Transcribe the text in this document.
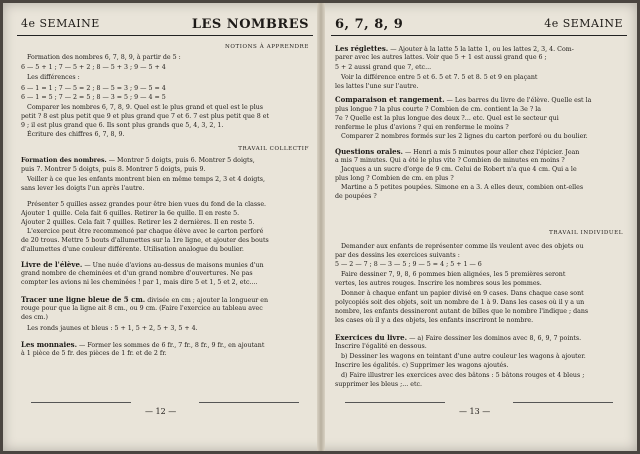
4e SEMAINE	LES NOMBRES
NOTIONS À APPRENDRE
Formation des nombres 6, 7, 8, 9, à partir de 5 :
6 — 5 + 1 ; 7 — 5 + 2 ; 8 — 5 + 3 ; 9 — 5 + 4
Les différences :
6 — 1 = 1 ; 7 — 5 = 2 ; 8 — 5 = 3 ; 9 — 5 = 4
6 — 1 = 5 ; 7 — 2 = 5 ; 8 — 3 = 5 ; 9 — 4 = 5
Comparer les nombres 6, 7, 8, 9. Quel est le plus grand et quel est le plus
petit ? 8 est plus petit que 9 et plus grand que 7 et 6. 7 est plus petit que 8 et
9 ; il est plus grand que 6. Ils sont plus grands que 5, 4, 3, 2, 1.
Écriture des chiffres 6, 7, 8, 9.
TRAVAIL COLLECTIF
Formation des nombres. — Montrer 5 doigts, puis 6. Montrer 5 doigts,
puis 7. Montrer 5 doigts, puis 8. Montrer 5 doigts, puis 9.
Veiller à ce que les enfants montrent bien en même temps 2, 3 et 4 doigts,
sans lever les doigts l'un après l'autre.
Présenter 5 quilles assez grandes pour être bien vues du fond de la classe.
Ajouter 1 quille. Cela fait 6 quilles. Retirer la 6e quille. Il en reste 5.
Ajouter 2 quilles. Cela fait 7 quilles. Retirer les 2 dernières. Il en reste 5.
L'exercice peut être recommencé par chaque élève avec le carton perforé
de 20 trous. Mettre 5 bouts d'allumettes sur la 1re ligne, et ajouter des bouts
d'allumettes d'une couleur différente. Utilisation analogue du boulier.
Livre de l'élève. — Une nuée d'avions au-dessus de maisons munies d'un
grand nombre de cheminées et d'un grand nombre d'ouvertures. Ne pas
compter les avions ni les cheminées ! par 1, mais dire 5 et 1, 5 et 2, etc....
Tracer une ligne bleue de 5 cm. divisée en cm ; ajouter la longueur en
rouge pour que la ligne ait 8 cm., ou 9 cm. (Faire l'exercice au tableau avec
des cm.)
Les ronds jaunes et bleus : 5 + 1, 5 + 2, 5 + 3, 5 + 4.
Les monnaies. — Former les sommes de 6 fr., 7 fr., 8 fr., 9 fr., en ajoutant
à 1 pièce de 5 fr. des pièces de 1 fr. et de 2 fr.
— 12 —
6, 7, 8, 9	4e SEMAINE
Les réglettes. — Ajouter à la latte 5 la latte 1, ou les lattes 2, 3, 4. Com-
parer avec les autres lattes. Voir que 5 + 1 est aussi grand que 6 ;
5 + 2 aussi grand que 7, etc...
Voir la différence entre 5 et 6. 5 et 7. 5 et 8. 5 et 9 en plaçant
les lattes l'une sur l'autre.
Comparaison et rangement. — Les barres du livre de l'élève. Quelle est la
plus longue ? la plus courte ? Combien de cm. contient la 3e ? la
7e ? Quelle est la plus longue des deux ?... etc. Quel est le secteur qui
renferme le plus d'avions ? qui en renferme le moins ?
Comparer 2 nombres formés sur les 2 lignes du carton perforé ou du boulier.
Questions orales. — Henri a mis 5 minutes pour aller chez l'épicier. Jean
a mis 7 minutes. Qui a été le plus vite ? Combien de minutes en moins ?
Jacques a un sucre d'orge de 9 cm. Celui de Robert n'a que 4 cm. Qui a le
plus long ? Combien de cm. en plus ?
Martine a 5 petites poupées. Simone en a 3. A elles deux, combien ont-elles
de poupées ?
TRAVAIL INDIVIDUEL
Demander aux enfants de représenter comme ils veulent avec des objets ou
par des dessins les exercices suivants :
5 — 2 — 7 ; 8 — 3 — 5 ; 9 — 5 = 4 ; 5 + 1 — 6
Faire dessiner 7, 9, 8, 6 pommes bien alignées, les 5 premières seront
vertes, les autres rouges. Inscrire les nombres sous les pommes.
Donner à chaque enfant un papier divisé en 9 cases. Dans chaque case sont
polycopiés soit des objets, soit un nombre de 1 à 9. Dans les cases où il y a un
nombre, les enfants dessineront autant de billes que le nombre l'indique ; dans
les cases où il y a des objets, les enfants inscriront le nombre.
Exercices du livre. — a) Faire dessiner les dominos avec 8, 6, 9, 7 points.
Inscrire l'égalité en dessous.
b) Dessiner les wagons en teintant d'une autre couleur les wagons à ajouter.
Inscrire les égalités. c) Supprimer les wagons ajoutés.
d) Faire illustrer les exercices avec des bâtons : 5 bâtons rouges et 4 bleus ;
supprimer les bleus ;... etc.
— 13 —
